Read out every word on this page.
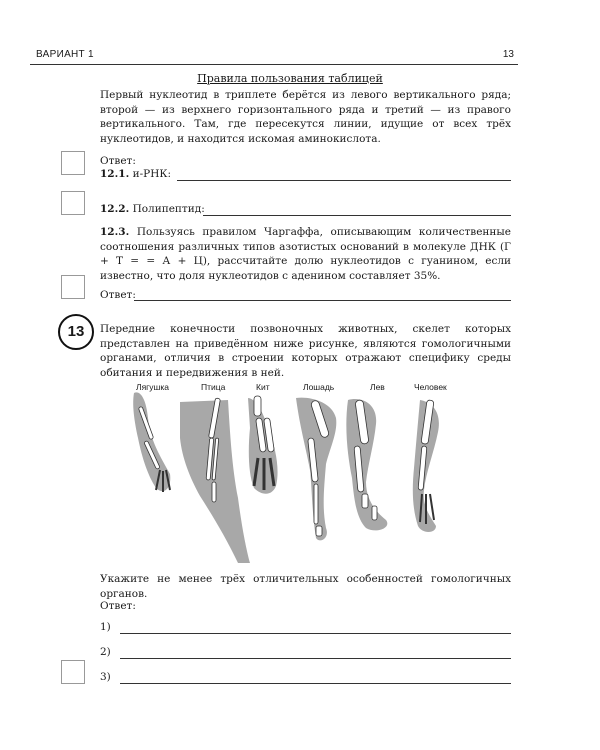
ВАРИАНТ 1	13
Правила пользования таблицей
Первый нуклеотид в триплете берётся из левого вертикального ряда; второй — из верхнего горизонтального ряда и третий — из правого вертикального. Там, где пересекутся линии, идущие от всех трёх нуклеотидов, и находится искомая аминокислота.
Ответ:
12.1. и-РНК:
12.2. Полипептид:
12.3. Пользуясь правилом Чаргаффа, описывающим количественные соотношения различных типов азотистых оснований в молекуле ДНК (Г + Т = = А + Ц), рассчитайте долю нуклеотидов с гуанином, если известно, что доля нуклеотидов с аденином составляет 35%.
Ответ:
13	Передние конечности позвоночных животных, скелет которых представлен на приведённом ниже рисунке, являются гомологичными органами, отличия в строении которых отражают специфику среды обитания и передвижения в ней.
Лягушка	Птица	Кит	Лошадь	Лев	Человек
Укажите не менее трёх отличительных особенностей гомологичных органов.
Ответ:
1)
2)
3)
